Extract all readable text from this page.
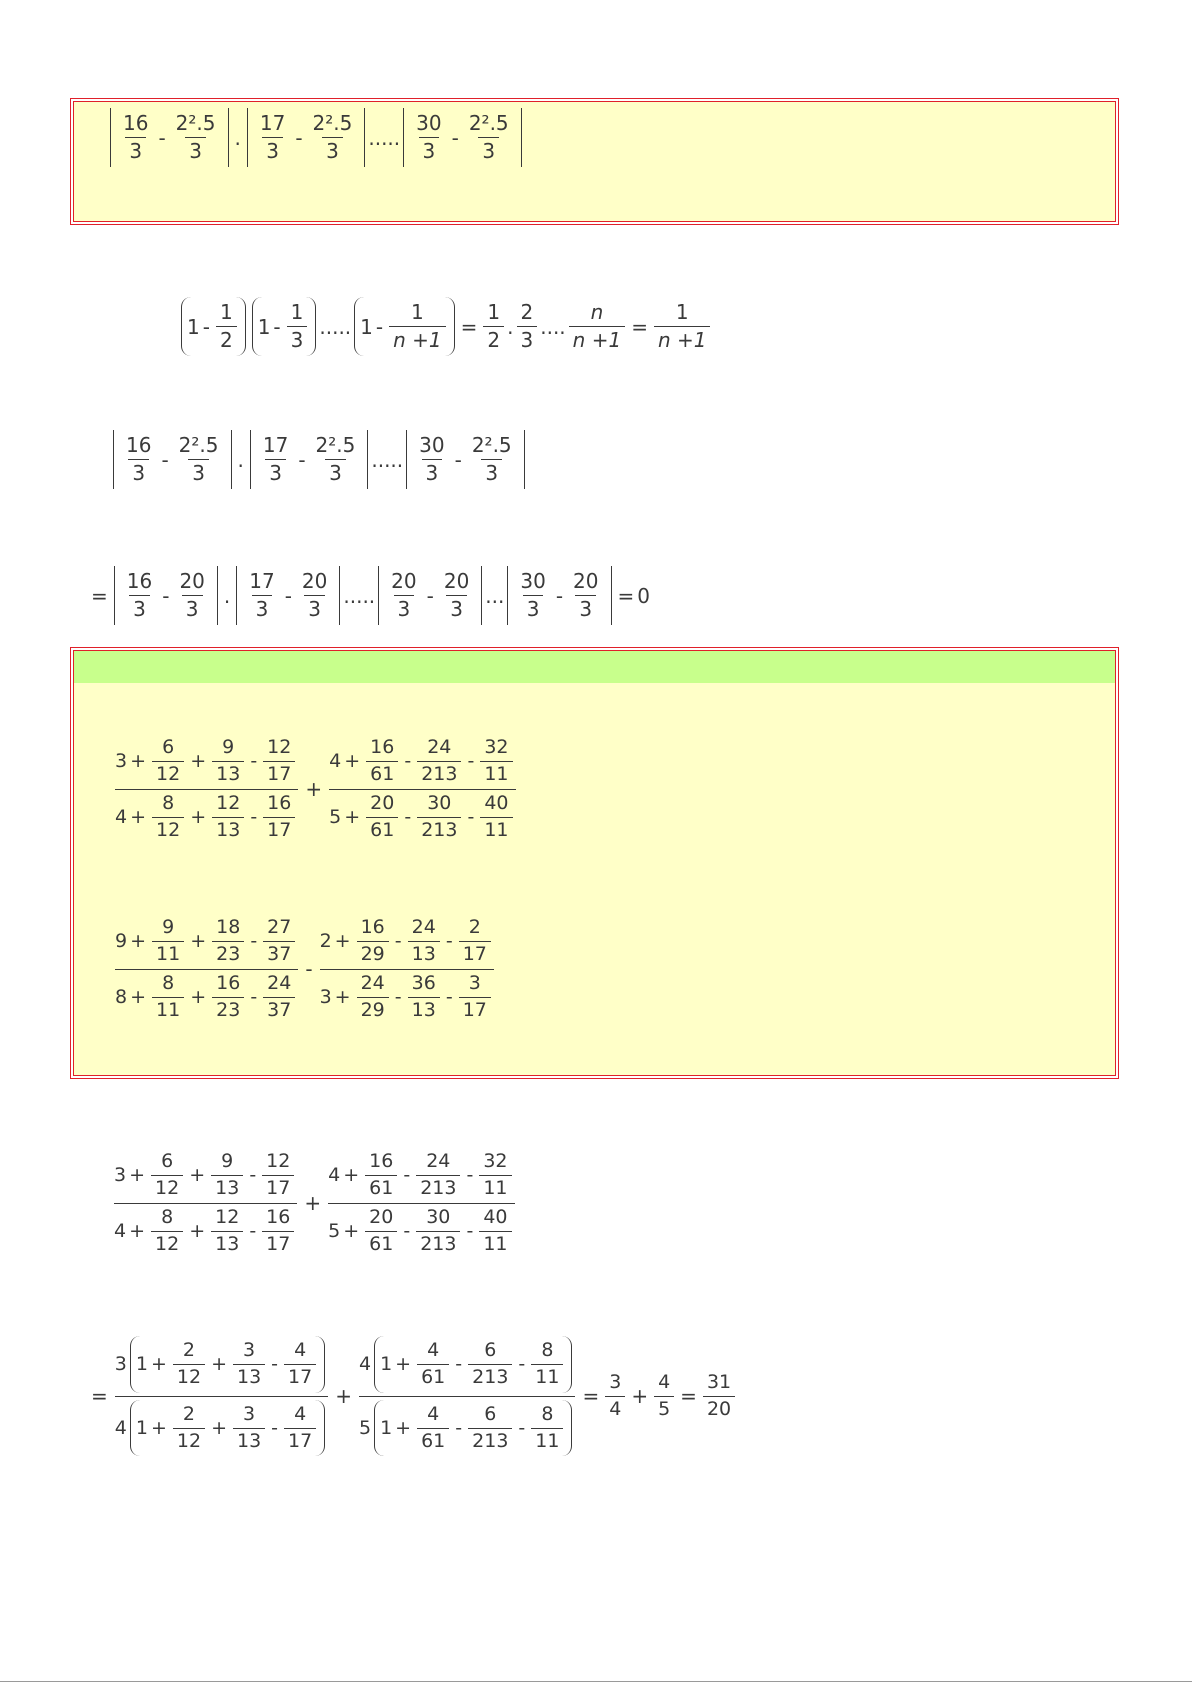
$\frac{16}{3} - \frac{\text{2².5}}{3}$ . $\frac{17}{3} - \frac{\text{2².5}}{3}$ ..... $\frac{30}{3} - \frac{\text{2².5}}{3}$
$1 - \frac{1}{2} 1 - \frac{1}{3}$ ..... $1 - \frac{1}{n +1} = \frac{1}{2}$ . $\frac{2}{3}$ .... $\frac{n}{n +1} = \frac{1}{n +1}$
$\frac{16}{3} - \frac{\text{2².5}}{3}$ . $\frac{17}{3} - \frac{\text{2².5}}{3}$ ..... $\frac{30}{3} - \frac{\text{2².5}}{3}$
= $\frac{16}{3} - \frac{20}{3}$ . $\frac{17}{3} - \frac{20}{3}$ ..... $\frac{20}{3} - \frac{20}{3}$ ... $\frac{30}{3} - \frac{20}{3} = 0$
$\frac{3 + \frac{6}{12} + \frac{9}{13} - \frac{12}{17}}{4 + \frac{8}{12} + \frac{12}{13} - \frac{16}{17}} + \frac{4 + \frac{16}{61} - \frac{24}{213} - \frac{32}{11}}{5 + \frac{20}{61} - \frac{30}{213} - \frac{40}{11}}$
$\frac{9 + \frac{9}{11} + \frac{18}{23} - \frac{27}{37}}{8 + \frac{8}{11} + \frac{16}{23} - \frac{24}{37}} - \frac{2 + \frac{16}{29} - \frac{24}{13} - \frac{2}{17}}{3 + \frac{24}{29} - \frac{36}{13} - \frac{3}{17}}$
$\frac{3 + \frac{6}{12} + \frac{9}{13} - \frac{12}{17}}{4 + \frac{8}{12} + \frac{12}{13} - \frac{16}{17}} + \frac{4 + \frac{16}{61} - \frac{24}{213} - \frac{32}{11}}{5 + \frac{20}{61} - \frac{30}{213} - \frac{40}{11}}$
= $\frac{3 1 + \frac{2}{12} + \frac{3}{13} - \frac{4}{17}}{4 1 + \frac{2}{12} + \frac{3}{13} - \frac{4}{17}} + \frac{4 1 + \frac{4}{61} - \frac{6}{213} - \frac{8}{11}}{5 1 + \frac{4}{61} - \frac{6}{213} - \frac{8}{11}} = \frac{3}{4} + \frac{4}{5} = \frac{31}{20}$
